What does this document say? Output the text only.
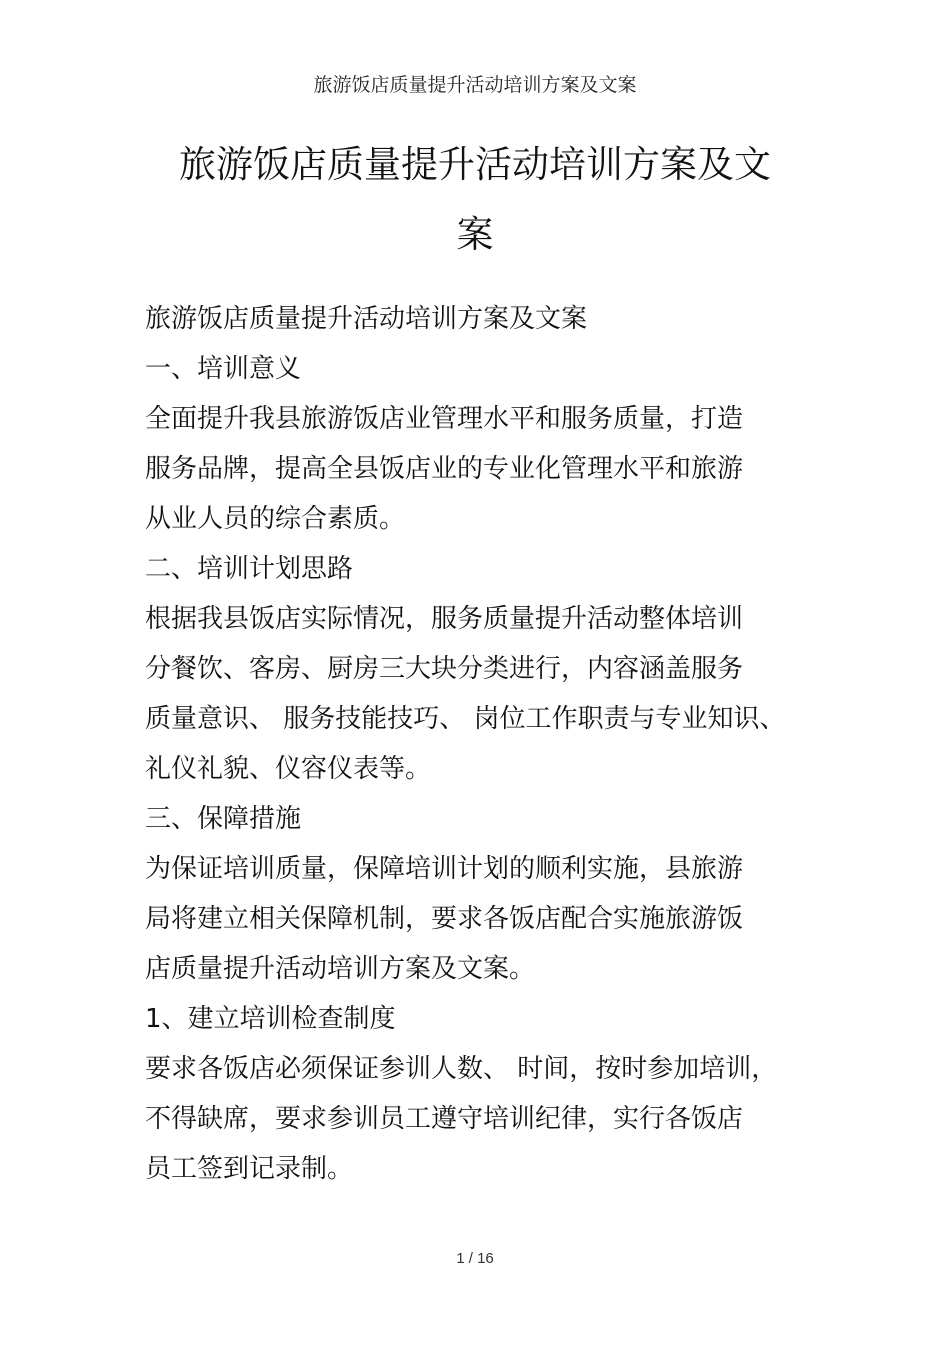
旅游饭店质量提升活动培训方案及文案
旅游饭店质量提升活动培训方案及文
案
旅游饭店质量提升活动培训方案及文案
一、培训意义
全面提升我县旅游饭店业管理水平和服务质量，打造
服务品牌，提高全县饭店业的专业化管理水平和旅游
从业人员的综合素质。
二、培训计划思路
根据我县饭店实际情况，服务质量提升活动整体培训
分餐饮、客房、厨房三大块分类进行，内容涵盖服务
质量意识、 服务技能技巧、 岗位工作职责与专业知识、
礼仪礼貌、仪容仪表等。
三、保障措施
为保证培训质量，保障培训计划的顺利实施，县旅游
局将建立相关保障机制，要求各饭店配合实施旅游饭
店质量提升活动培训方案及文案。
1、建立培训检查制度
要求各饭店必须保证参训人数、 时间，按时参加培训，
不得缺席，要求参训员工遵守培训纪律，实行各饭店
员工签到记录制。
1 / 16
